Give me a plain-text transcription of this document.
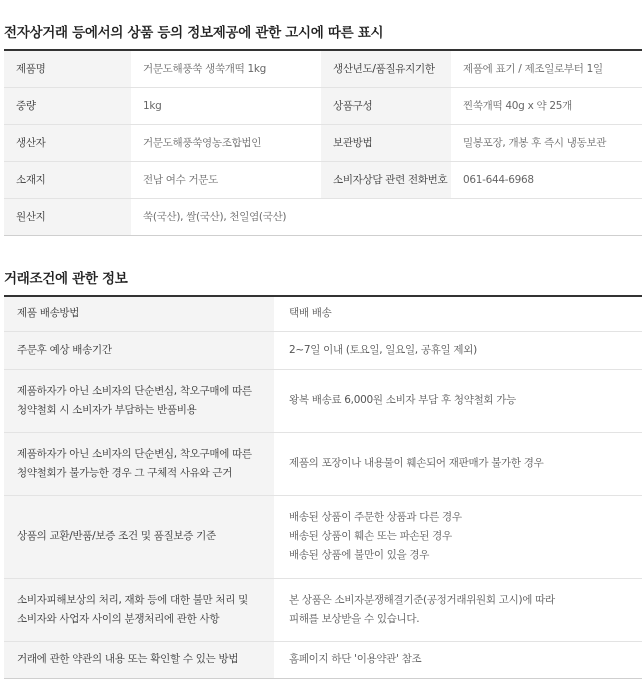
전자상거래 등에서의 상품 등의 정보제공에 관한 고시에 따른 표시
제품명	거문도해풍쑥 생쑥개떡 1kg	생산년도/품질유지기한	제품에 표기 / 제조일로부터 1일
중량	1kg	상품구성	찐쑥개떡 40g x 약 25개
생산자	거문도해풍쑥영농조합법인	보관방법	밀봉포장, 개봉 후 즉시 냉동보관
소재지	전남 여수 거문도	소비자상담 관련 전화번호	061-644-6968
원산지	쑥(국산), 쌀(국산), 천일염(국산)		
거래조건에 관한 정보
제품 배송방법	택배 배송

주문후 예상 배송기간	2~7일 이내 (토요일, 일요일, 공휴일 제외)

제품하자가 아닌 소비자의 단순변심, 착오구매에 따른
청약철회 시 소비자가 부담하는 반품비용	왕복 배송료 6,000원 소비자 부담 후 청약철회 가능

제품하자가 아닌 소비자의 단순변심, 착오구매에 따른
청약철회가 불가능한 경우 그 구체적 사유와 근거	제품의 포장이나 내용물이 훼손되어 재판매가 불가한 경우

상품의 교환/반품/보증 조건 및 품질보증 기준	배송된 상품이 주문한 상품과 다른 경우
배송된 상품이 훼손 또는 파손된 경우
배송된 상품에 불만이 있을 경우

소비자피해보상의 처리, 재화 등에 대한 불만 처리 및
소비자와 사업자 사이의 분쟁처리에 관한 사항	본 상품은 소비자분쟁해결기준(공정거래위원회 고시)에 따라
피해를 보상받을 수 있습니다.

거래에 관한 약관의 내용 또는 확인할 수 있는 방법	홈페이지 하단 '이용약관' 참조
